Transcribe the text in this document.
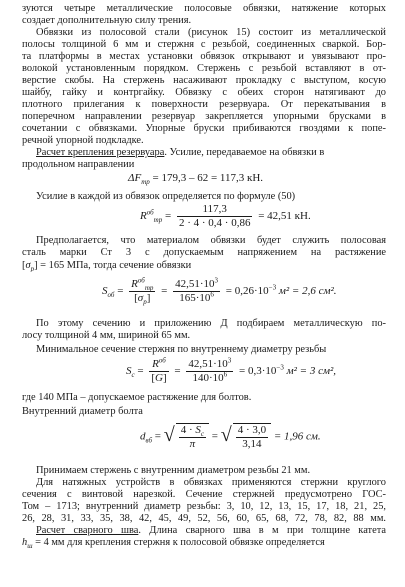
зуются четыре металлические полосовые обвязки, натяжение которых
создает дополнительную силу трения.
Обвязки из полосовой стали (рисунок 15) состоит из металлической
полосы толщиной 6 мм и стержня с резьбой, соединенных сваркой. Бор-
та платформы в местах установки обвязок открывают и увязывают про-
волокой установленным порядком. Стержень с резьбой вставляют в от-
верстие скобы. На стержень насаживают прокладку с выступом, косую
шайбу, гайку и контргайку. Обвязку с обеих сторон натягивают до
плотного прилегания к поверхности резервуара. От перекатывания в
поперечном направлении резервуар закрепляется упорными брусками в
сочетании с обвязками. Упорные бруски прибиваются гвоздями к попе-
речной упорной подкладке.
Расчет крепления резервуара. Усилие, передаваемое на обвязки в
продольном направлении
$\Delta F_{тр} = 179,3 - 62 = 117,3$ кН.
Усилие в каждой из обвязок определяется по формуле (50)
$R^{об}_{тр} = \frac{117,3}{2 \cdot 4 \cdot 0,4 \cdot 0,86} = 42,51$ кН.
Предполагается, что материалом обвязки будет служить полосовая
сталь марки Ст 3 с допускаемым напряжением на растяжение
$[\sigma_р] = 165$ МПа, тогда сечение обвязки
$S_{об} = \frac{R^{об}_{тр}}{[\sigma_р]} = \frac{42,51\cdot 10^3}{165\cdot 10^6} = 0,26\cdot 10^{-3}$ м² = 2,6 см².
По этому сечению и приложению Д подбираем металлическую по-
лосу толщиной 4 мм, шириной 65 мм.
Минимальное сечение стержня по внутреннему диаметру резьбы
$S_с = \frac{R^{об}}{[G]} = \frac{42,51\cdot 10^3}{140\cdot 10^6} = 0,3\cdot 10^{-3}$ м² = 3 см²,
где 140 МПа – допускаемое растяжение для болтов.
Внутренний диаметр болта
$d_{вб}$ = √ $\frac{4 \cdot S_с}{\pi}$ = √ $\frac{4 \cdot 3,0}{3,14} = 1,96$ см.
Принимаем стержень с внутренним диаметром резьбы 21 мм.
Для натяжных устройств в обвязках применяются стержни круглого
сечения с винтовой нарезкой. Сечение стержней предусмотрено ГОС-
Том – 1713; внутренний диаметр резьбы: 3, 10, 12, 13, 15, 17, 18, 21, 25,
26, 28, 31, 33, 35, 38, 42, 45, 49, 52, 56, 60, 65, 68, 72, 78, 82, 88 мм.
Расчет сварного шва. Длина сварного шва в м при толщине катета
$h_ш = 4$ мм для крепления стержня к полосовой обвязке определяется
